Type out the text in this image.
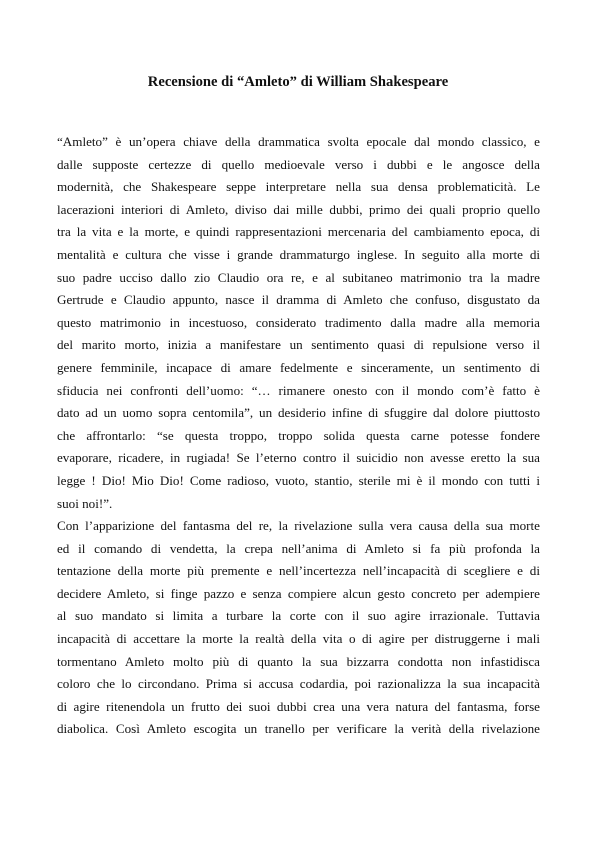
Recensione di “Amleto” di William Shakespeare

“Amleto” è un’opera chiave della drammatica svolta epocale dal mondo classico, e
dalle supposte certezze di quello medioevale verso i dubbi e le angosce della
modernità, che Shakespeare seppe interpretare nella sua densa problematicità. Le
lacerazioni interiori di Amleto, diviso dai mille dubbi, primo dei quali proprio quello
tra la vita e la morte, e quindi rappresentazioni mercenaria del cambiamento epoca, di
mentalità e cultura che visse i grande drammaturgo inglese. In seguito alla morte di
suo padre ucciso dallo zio Claudio ora re, e al subitaneo matrimonio tra la madre
Gertrude e Claudio appunto, nasce il dramma di Amleto che confuso, disgustato da
questo matrimonio in incestuoso, considerato tradimento dalla madre alla memoria
del marito morto, inizia a manifestare un sentimento quasi di repulsione verso il
genere femminile, incapace di amare fedelmente e sinceramente, un sentimento di
sfiducia nei confronti dell’uomo: “… rimanere onesto con il mondo com’è fatto è
dato ad un uomo sopra centomila”, un desiderio infine di sfuggire dal dolore piuttosto
che affrontarlo: “se questa troppo, troppo solida questa carne potesse fondere
evaporare, ricadere, in rugiada! Se l’eterno contro il suicidio non avesse eretto la sua
legge ! Dio! Mio Dio! Come radioso, vuoto, stantio, sterile mi è il mondo con tutti i
suoi noi!”.

Con l’apparizione del fantasma del re, la rivelazione sulla vera causa della sua morte
ed il comando di vendetta, la crepa nell’anima di Amleto si fa più profonda la
tentazione della morte più premente e nell’incertezza nell’incapacità di scegliere e di
decidere Amleto, si finge pazzo e senza compiere alcun gesto concreto per adempiere
al suo mandato si limita a turbare la corte con il suo agire irrazionale. Tuttavia
incapacità di accettare la morte la realtà della vita o di agire per distruggerne i mali
tormentano Amleto molto più di quanto la sua bizzarra condotta non infastidisca
coloro che lo circondano. Prima si accusa codardia, poi razionalizza la sua incapacità
di agire ritenendola un frutto dei suoi dubbi crea una vera natura del fantasma, forse
diabolica. Così Amleto escogita un tranello per verificare la verità della rivelazione
